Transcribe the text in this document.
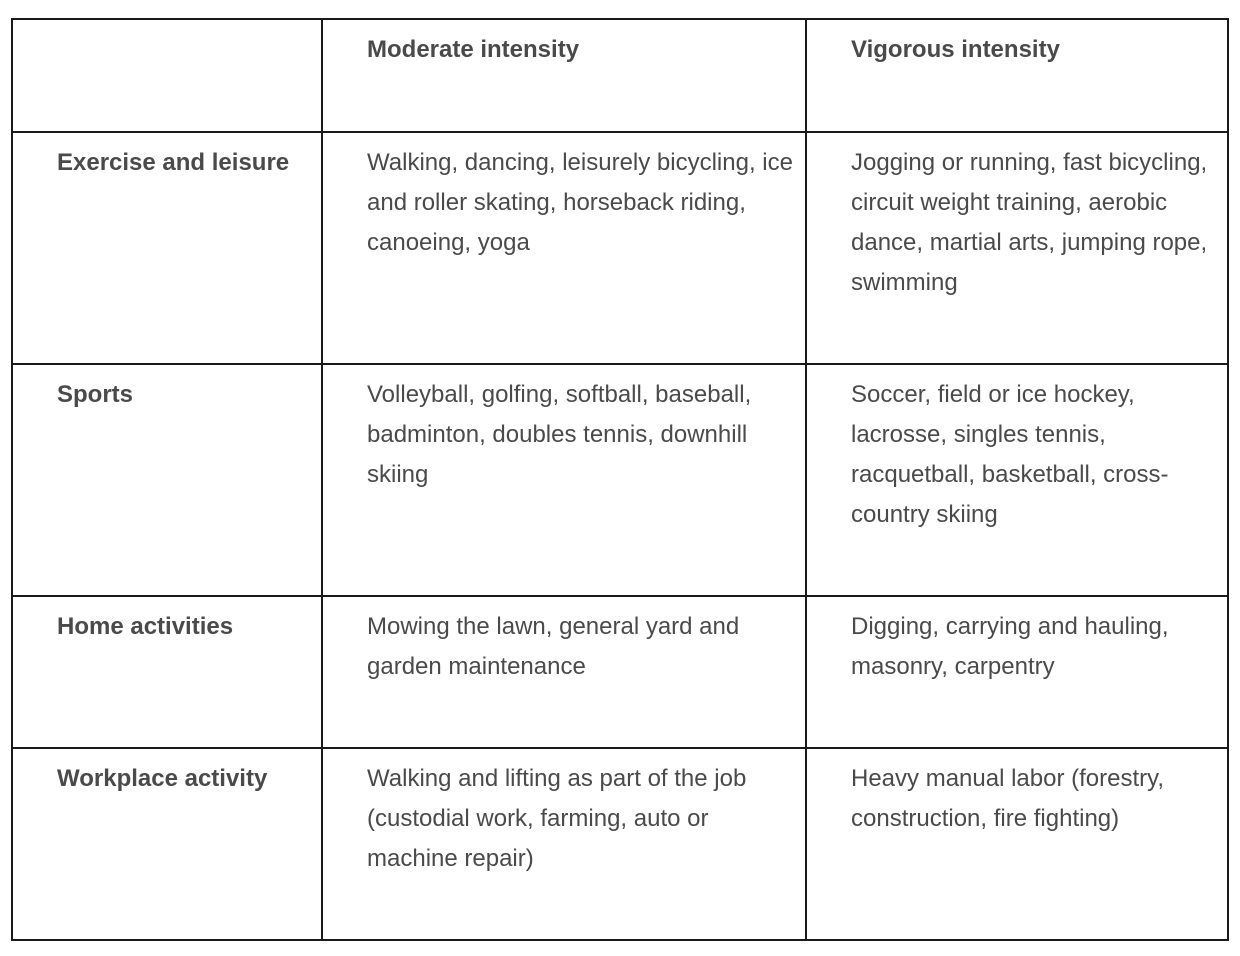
	Moderate intensity	Vigorous intensity
Exercise and leisure	Walking, dancing, leisurely bicycling, ice and roller skating, horseback riding, canoeing, yoga	Jogging or running, fast bicycling, circuit weight training, aerobic dance, martial arts, jumping rope, swimming
Sports	Volleyball, golfing, softball, baseball, badminton, doubles tennis, downhill skiing	Soccer, field or ice hockey, lacrosse, singles tennis, racquetball, basketball, cross-country skiing
Home activities	Mowing the lawn, general yard and garden maintenance	Digging, carrying and hauling, masonry, carpentry
Workplace activity	Walking and lifting as part of the job (custodial work, farming, auto or machine repair)	Heavy manual labor (forestry, construction, fire fighting)
